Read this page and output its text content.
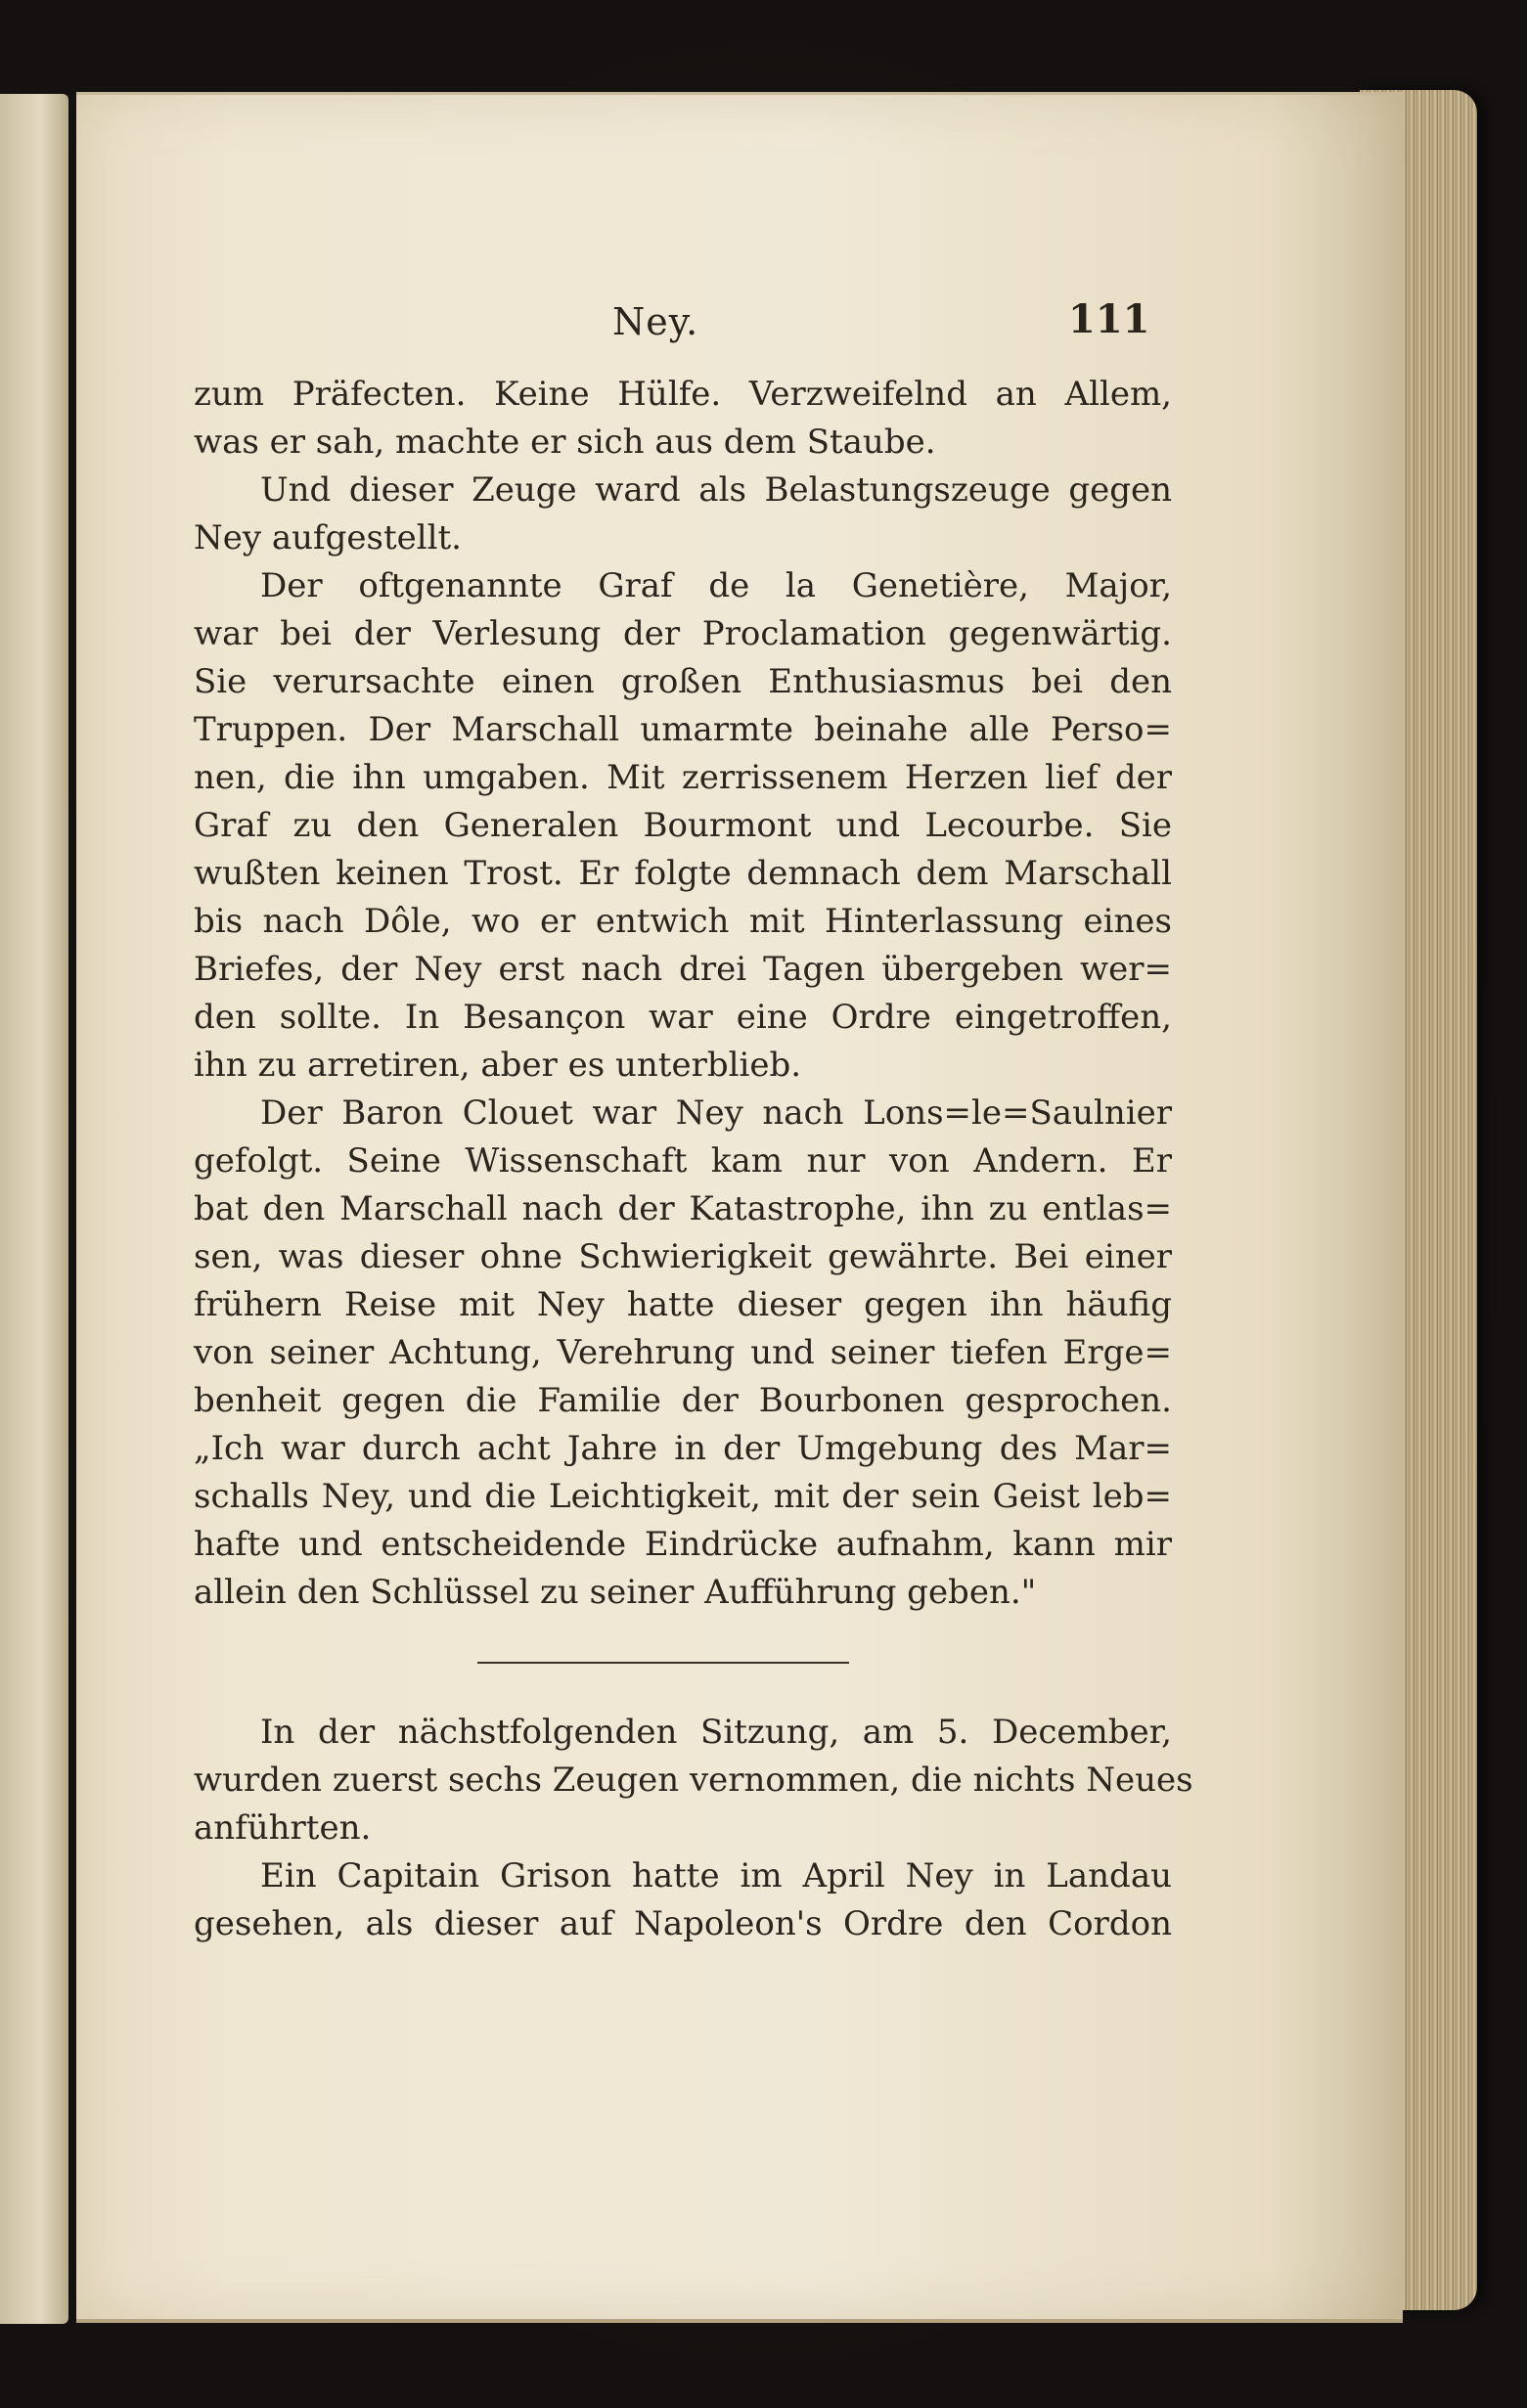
Ney.	111
zum Präfecten. Keine Hülfe. Verzweifelnd an Allem,
was er sah, machte er sich aus dem Staube.
Und dieser Zeuge ward als Belastungszeuge gegen
Ney aufgestellt.
Der oftgenannte Graf de la Genetière, Major,
war bei der Verlesung der Proclamation gegenwärtig.
Sie verursachte einen großen Enthusiasmus bei den
Truppen. Der Marschall umarmte beinahe alle Perso=
nen, die ihn umgaben. Mit zerrissenem Herzen lief der
Graf zu den Generalen Bourmont und Lecourbe. Sie
wußten keinen Trost. Er folgte demnach dem Marschall
bis nach Dôle, wo er entwich mit Hinterlassung eines
Briefes, der Ney erst nach drei Tagen übergeben wer=
den sollte. In Besançon war eine Ordre eingetroffen,
ihn zu arretiren, aber es unterblieb.
Der Baron Clouet war Ney nach Lons=le=Saulnier
gefolgt. Seine Wissenschaft kam nur von Andern. Er
bat den Marschall nach der Katastrophe, ihn zu entlas=
sen, was dieser ohne Schwierigkeit gewährte. Bei einer
frühern Reise mit Ney hatte dieser gegen ihn häufig
von seiner Achtung, Verehrung und seiner tiefen Erge=
benheit gegen die Familie der Bourbonen gesprochen.
„Ich war durch acht Jahre in der Umgebung des Mar=
schalls Ney, und die Leichtigkeit, mit der sein Geist leb=
hafte und entscheidende Eindrücke aufnahm, kann mir
allein den Schlüssel zu seiner Aufführung geben."
In der nächstfolgenden Sitzung, am 5. December,
wurden zuerst sechs Zeugen vernommen, die nichts Neues
anführten.
Ein Capitain Grison hatte im April Ney in Landau
gesehen, als dieser auf Napoleon's Ordre den Cordon
